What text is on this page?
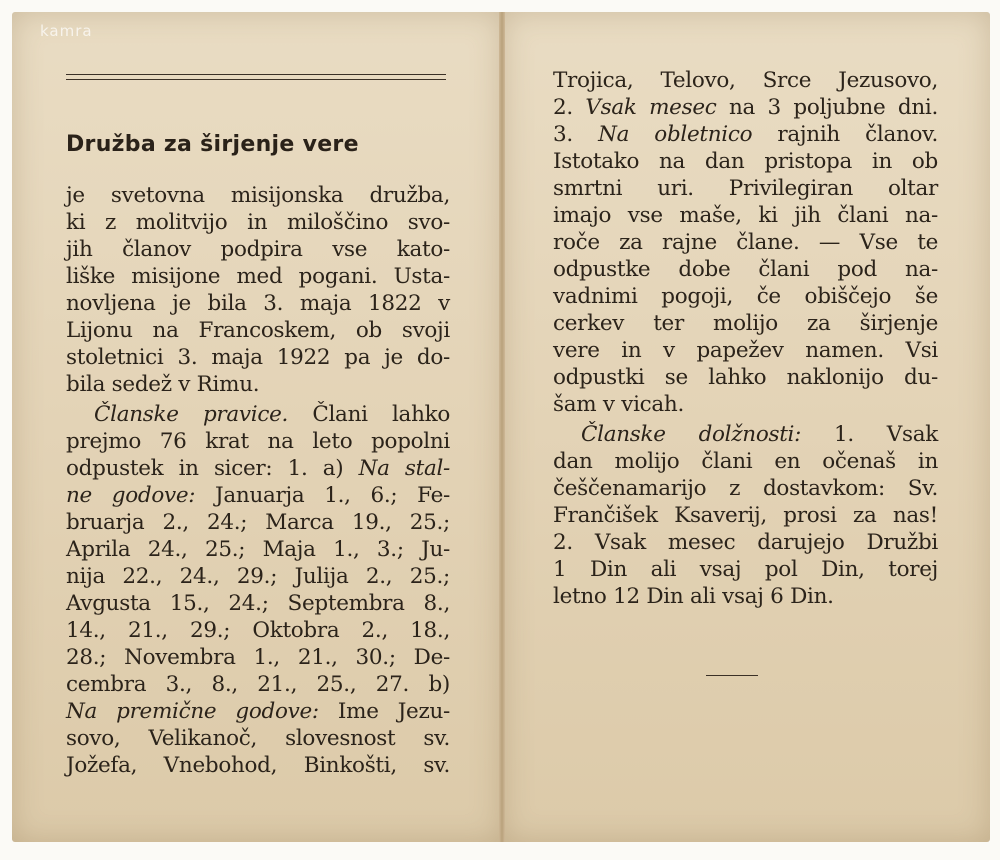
kamra
Družba za širjenje vere
je svetovna misijonska družba,
ki z molitvijo in miloščino svo-
jih članov podpira vse kato-
liške misijone med pogani. Usta-
novljena je bila 3. maja 1822 v
Lijonu na Francoskem, ob svoji
stoletnici 3. maja 1922 pa je do-
bila sedež v Rimu.
Članske pravice. Člani lahko
prejmo 76 krat na leto popolni
odpustek in sicer: 1. a) Na stal-
ne godove: Januarja 1., 6.; Fe-
bruarja 2., 24.; Marca 19., 25.;
Aprila 24., 25.; Maja 1., 3.; Ju-
nija 22., 24., 29.; Julija 2., 25.;
Avgusta 15., 24.; Septembra 8.,
14., 21., 29.; Oktobra 2., 18.,
28.; Novembra 1., 21., 30.; De-
cembra 3., 8., 21., 25., 27. b)
Na premične godove: Ime Jezu-
sovo, Velikanoč, slovesnost sv.
Jožefa, Vnebohod, Binkošti, sv.
Trojica, Telovo, Srce Jezusovo,
2. Vsak mesec na 3 poljubne dni.
3. Na obletnico rajnih članov.
Istotako na dan pristopa in ob
smrtni uri. Privilegiran oltar
imajo vse maše, ki jih člani na-
roče za rajne člane. — Vse te
odpustke dobe člani pod na-
vadnimi pogoji, če obiščejo še
cerkev ter molijo za širjenje
vere in v papežev namen. Vsi
odpustki se lahko naklonijo du-
šam v vicah.
Članske dolžnosti: 1. Vsak
dan molijo člani en očenaš in
češčenamarijo z dostavkom: Sv.
Frančišek Ksaverij, prosi za nas!
2. Vsak mesec darujejo Družbi
1 Din ali vsaj pol Din, torej
letno 12 Din ali vsaj 6 Din.
